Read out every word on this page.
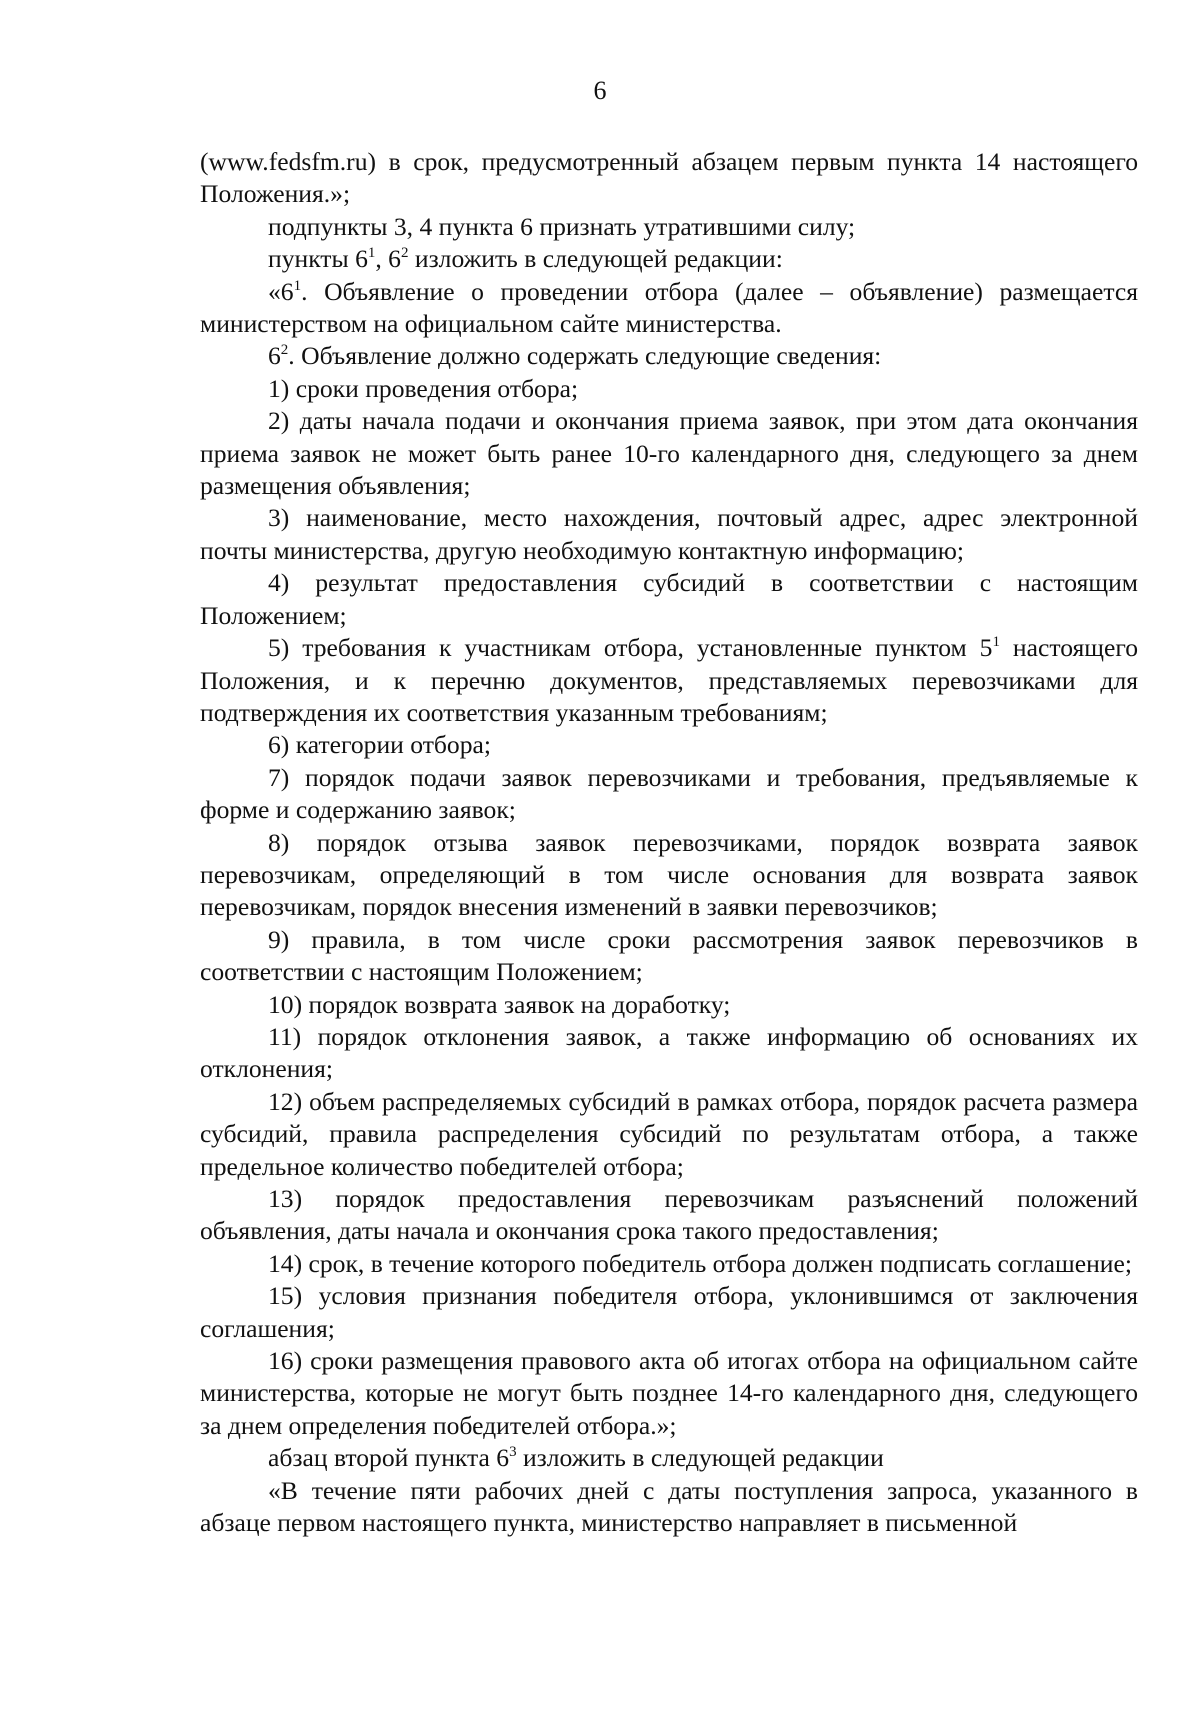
6

(www.fedsfm.ru) в срок, предусмотренный абзацем первым пункта 14 настоящего Положения.»;

подпункты 3, 4 пункта 6 признать утратившими силу;

пункты $6^1$, $6^2$ изложить в следующей редакции:

«$6^1$. Объявление о проведении отбора (далее – объявление) размещается министерством на официальном сайте министерства.

$6^2$. Объявление должно содержать следующие сведения:

1) сроки проведения отбора;

2) даты начала подачи и окончания приема заявок, при этом дата окончания приема заявок не может быть ранее 10-го календарного дня, следующего за днем размещения объявления;

3) наименование, место нахождения, почтовый адрес, адрес электронной почты министерства, другую необходимую контактную информацию;

4) результат предоставления субсидий в соответствии с настоящим Положением;

5) требования к участникам отбора, установленные пунктом $5^1$ настоящего Положения, и к перечню документов, представляемых перевозчиками для подтверждения их соответствия указанным требованиям;

6) категории отбора;

7) порядок подачи заявок перевозчиками и требования, предъявляемые к форме и содержанию заявок;

8) порядок отзыва заявок перевозчиками, порядок возврата заявок перевозчикам, определяющий в том числе основания для возврата заявок перевозчикам, порядок внесения изменений в заявки перевозчиков;

9) правила, в том числе сроки рассмотрения заявок перевозчиков в соответствии с настоящим Положением;

10) порядок возврата заявок на доработку;

11) порядок отклонения заявок, а также информацию об основаниях их отклонения;

12) объем распределяемых субсидий в рамках отбора, порядок расчета размера субсидий, правила распределения субсидий по результатам отбора, а также предельное количество победителей отбора;

13) порядок предоставления перевозчикам разъяснений положений объявления, даты начала и окончания срока такого предоставления;

14) срок, в течение которого победитель отбора должен подписать соглашение;

15) условия признания победителя отбора, уклонившимся от заключения соглашения;

16) сроки размещения правового акта об итогах отбора на официальном сайте министерства, которые не могут быть позднее 14-го календарного дня, следующего за днем определения победителей отбора.»;

абзац второй пункта $6^3$ изложить в следующей редакции

«В течение пяти рабочих дней с даты поступления запроса, указанного в абзаце первом настоящего пункта, министерство направляет в письменной
